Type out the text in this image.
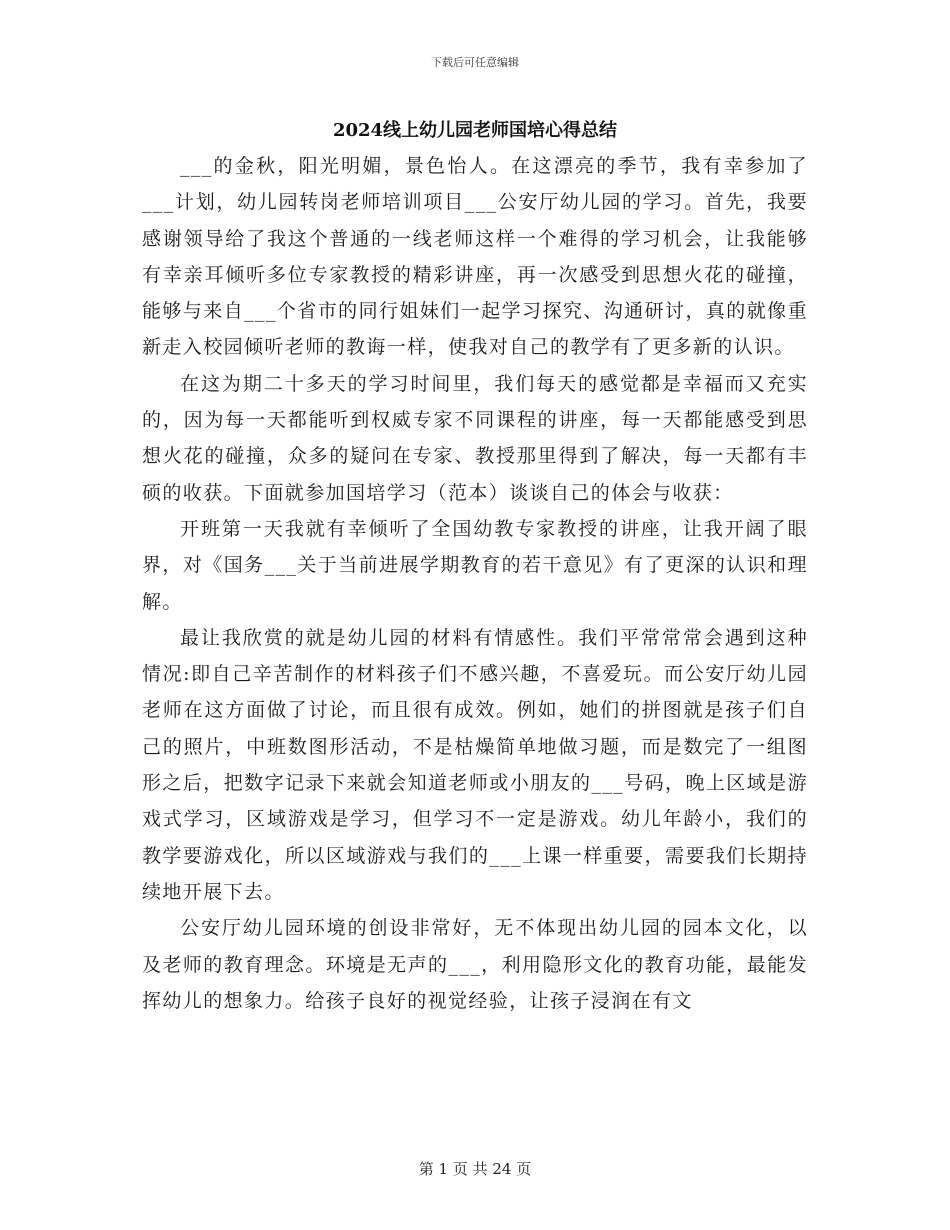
下载后可任意编辑
2024线上幼儿园老师国培心得总结

___的金秋，阳光明媚，景色怡人。在这漂亮的季节，我有幸参加了___计划，幼儿园转岗老师培训项目___公安厅幼儿园的学习。首先，我要感谢领导给了我这个普通的一线老师这样一个难得的学习机会，让我能够有幸亲耳倾听多位专家教授的精彩讲座，再一次感受到思想火花的碰撞，能够与来自___个省市的同行姐妹们一起学习探究、沟通研讨，真的就像重新走入校园倾听老师的教诲一样，使我对自己的教学有了更多新的认识。

在这为期二十多天的学习时间里，我们每天的感觉都是幸福而又充实的，因为每一天都能听到权威专家不同课程的讲座，每一天都能感受到思想火花的碰撞，众多的疑问在专家、教授那里得到了解决，每一天都有丰硕的收获。下面就参加国培学习（范本）谈谈自己的体会与收获：

开班第一天我就有幸倾听了全国幼教专家教授的讲座，让我开阔了眼界，对《国务___关于当前进展学期教育的若干意见》有了更深的认识和理解。

最让我欣赏的就是幼儿园的材料有情感性。我们平常常常会遇到这种情况:即自己辛苦制作的材料孩子们不感兴趣，不喜爱玩。而公安厅幼儿园老师在这方面做了讨论，而且很有成效。例如，她们的拼图就是孩子们自己的照片，中班数图形活动，不是枯燥简单地做习题，而是数完了一组图形之后，把数字记录下来就会知道老师或小朋友的___号码，晚上区域是游戏式学习，区域游戏是学习，但学习不一定是游戏。幼儿年龄小，我们的教学要游戏化，所以区域游戏与我们的___上课一样重要，需要我们长期持续地开展下去。

公安厅幼儿园环境的创设非常好，无不体现出幼儿园的园本文化，以及老师的教育理念。环境是无声的___，利用隐形文化的教育功能，最能发挥幼儿的想象力。给孩子良好的视觉经验，让孩子浸润在有文

第 1 页 共 24 页
